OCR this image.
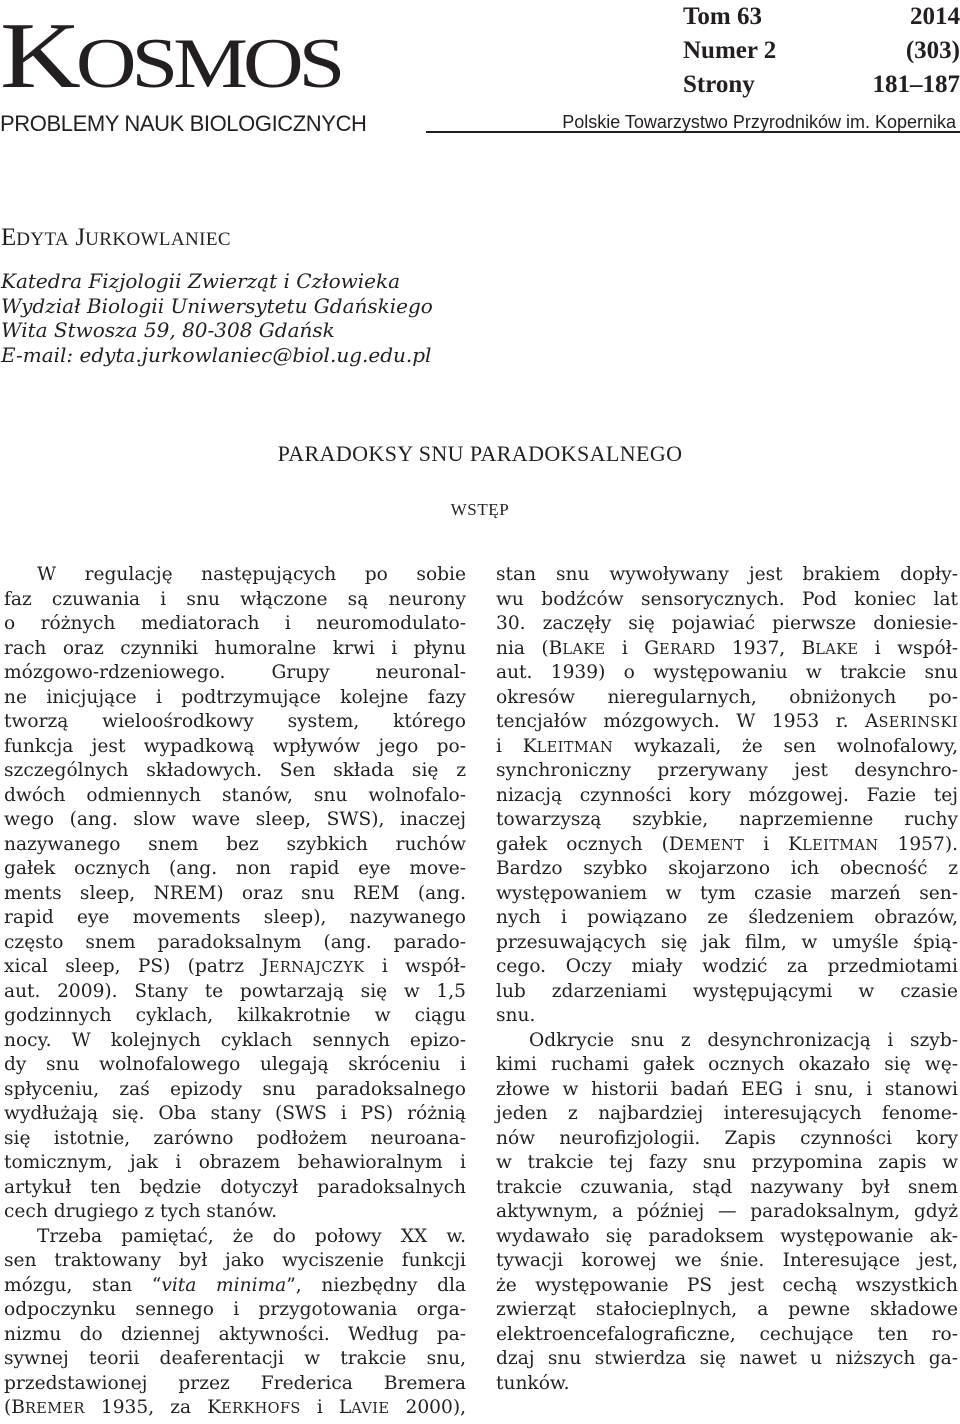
KOSMOS
PROBLEMY NAUK BIOLOGICZNYCH	Polskie Towarzystwo Przyrodników im. Kopernika
Tom 63	2014
Numer 2	(303)
Strony	181–187
EDYTA JURKOWLANIEC
Katedra Fizjologii Zwierząt i Człowieka
Wydział Biologii Uniwersytetu Gdańskiego
Wita Stwosza 59, 80-308 Gdańsk
E-mail: edyta.jurkowlaniec@biol.ug.edu.pl
PARADOKSY SNU PARADOKSALNEGO
WSTĘP
W regulację następujących po sobie
faz czuwania i snu włączone są neurony
o różnych mediatorach i neuromodulato-
rach oraz czynniki humoralne krwi i płynu
mózgowo-rdzeniowego. Grupy neuronal-
ne inicjujące i podtrzymujące kolejne fazy
tworzą wieloośrodkowy system, którego
funkcja jest wypadkową wpływów jego po-
szczególnych składowych. Sen składa się z
dwóch odmiennych stanów, snu wolnofalo-
wego (ang. slow wave sleep, SWS), inaczej
nazywanego snem bez szybkich ruchów
gałek ocznych (ang. non rapid eye move-
ments sleep, NREM) oraz snu REM (ang.
rapid eye movements sleep), nazywanego
często snem paradoksalnym (ang. parado-
xical sleep, PS) (patrz JERNAJCZYK i współ-
aut. 2009). Stany te powtarzają się w 1,5
godzinnych cyklach, kilkakrotnie w ciągu
nocy. W kolejnych cyklach sennych epizo-
dy snu wolnofalowego ulegają skróceniu i
spłyceniu, zaś epizody snu paradoksalnego
wydłużają się. Oba stany (SWS i PS) różnią
się istotnie, zarówno podłożem neuroana-
tomicznym, jak i obrazem behawioralnym i
artykuł ten będzie dotyczył paradoksalnych
cech drugiego z tych stanów.
Trzeba pamiętać, że do połowy XX w.
sen traktowany był jako wyciszenie funkcji
mózgu, stan “vita minima”, niezbędny dla
odpoczynku sennego i przygotowania orga-
nizmu do dziennej aktywności. Według pa-
sywnej teorii deaferentacji w trakcie snu,
przedstawionej przez Frederica Bremera
(BREMER 1935, za KERKHOFS i LAVIE 2000),
stan snu wywoływany jest brakiem dopły-
wu bodźców sensorycznych. Pod koniec lat
30. zaczęły się pojawiać pierwsze doniesie-
nia (BLAKE i GERARD 1937, BLAKE i współ-
aut. 1939) o występowaniu w trakcie snu
okresów nieregularnych, obniżonych po-
tencjałów mózgowych. W 1953 r. ASERINSKI
i KLEITMAN wykazali, że sen wolnofalowy,
synchroniczny przerywany jest desynchro-
nizacją czynności kory mózgowej. Fazie tej
towarzyszą szybkie, naprzemienne ruchy
gałek ocznych (DEMENT i KLEITMAN 1957).
Bardzo szybko skojarzono ich obecność z
występowaniem w tym czasie marzeń sen-
nych i powiązano ze śledzeniem obrazów,
przesuwających się jak film, w umyśle śpią-
cego. Oczy miały wodzić za przedmiotami
lub zdarzeniami występującymi w czasie
snu.
Odkrycie snu z desynchronizacją i szyb-
kimi ruchami gałek ocznych okazało się wę-
złowe w historii badań EEG i snu, i stanowi
jeden z najbardziej interesujących fenome-
nów neurofizjologii. Zapis czynności kory
w trakcie tej fazy snu przypomina zapis w
trakcie czuwania, stąd nazywany był snem
aktywnym, a później — paradoksalnym, gdyż
wydawało się paradoksem występowanie ak-
tywacji korowej we śnie. Interesujące jest,
że występowanie PS jest cechą wszystkich
zwierząt stałocieplnych, a pewne składowe
elektroencefalograficzne, cechujące ten ro-
dzaj snu stwierdza się nawet u niższych ga-
tunków.
